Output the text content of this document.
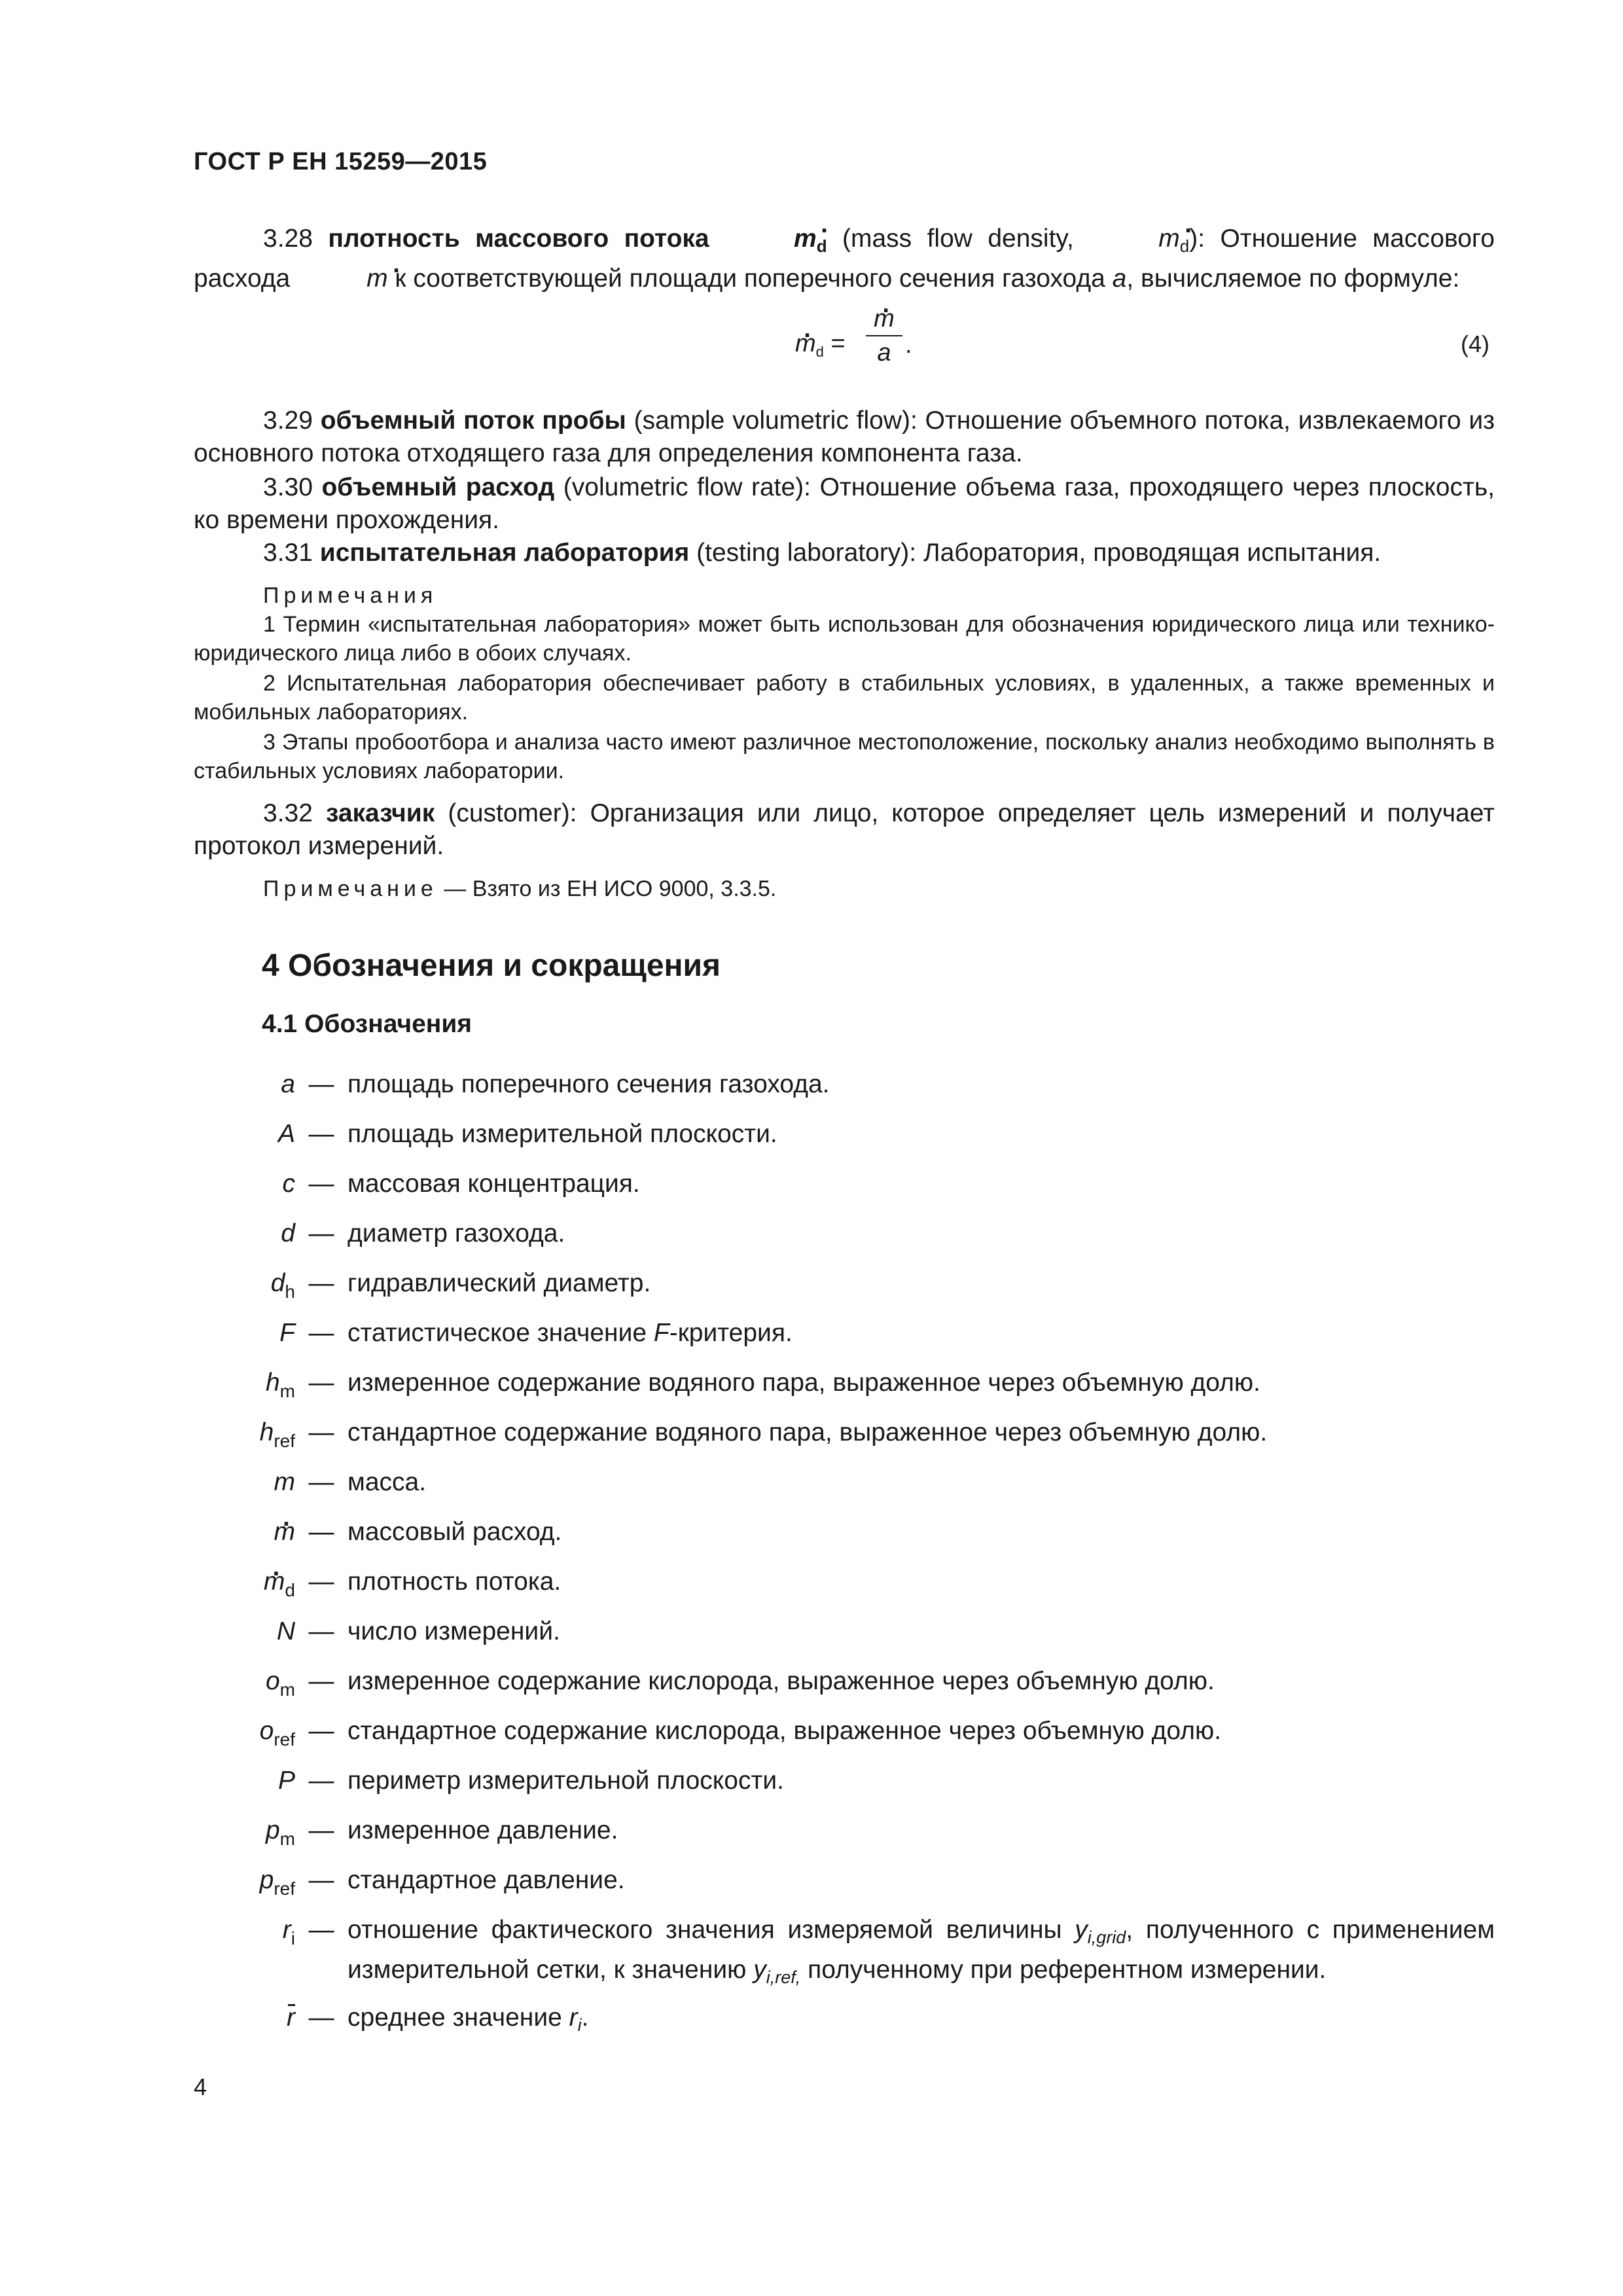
ГОСТ Р ЕН 15259—2015
3.28 плотность массового потока	. $m_d$ (mass flow density,	. $m_d$): Отношение массового расхода	. m к соответствующей площади поперечного сечения газохода a, вычисляемое по формуле:
. $m_d$ =
. m
a .	(4)
3.29 объемный поток пробы (sample volumetric flow): Отношение объемного потока, извлекаемого из основного потока отходящего газа для определения компонента газа.
3.30 объемный расход (volumetric flow rate): Отношение объема газа, проходящего через плоскость, ко времени прохождения.
3.31 испытательная лаборатория (testing laboratory): Лаборатория, проводящая испытания.
Примечания
1 Термин «испытательная лаборатория» может быть использован для обозначения юридического лица или технико-юридического лица либо в обоих случаях.
2 Испытательная лаборатория обеспечивает работу в стабильных условиях, в удаленных, а также временных и мобильных лабораториях.
3 Этапы пробоотбора и анализа часто имеют различное местоположение, поскольку анализ необходимо выполнять в стабильных условиях лаборатории.
3.32 заказчик (customer): Организация или лицо, которое определяет цель измерений и получает протокол измерений.
Примечание — Взято из ЕН ИСО 9000, 3.3.5.
4 Обозначения и сокращения
4.1 Обозначения
a — площадь поперечного сечения газохода.
A — площадь измерительной плоскости.
c — массовая концентрация.
d — диаметр газохода.
$d_h$ — гидравлический диаметр.
F — статистическое значение F-критерия.
$h_m$ — измеренное содержание водяного пара, выраженное через объемную долю.
$h_{ref}$ — стандартное содержание водяного пара, выраженное через объемную долю.
m — масса.
. m — массовый расход.
. $m_d$ — плотность потока.
N — число измерений.
$o_m$ — измеренное содержание кислорода, выраженное через объемную долю.
$o_{ref}$ — стандартное содержание кислорода, выраженное через объемную долю.
P — периметр измерительной плоскости.
$p_m$ — измеренное давление.
$p_{ref}$ — стандартное давление.
$r_i$ — отношение фактического значения измеряемой величины $y_{i,grid}$, полученного с применением измерительной сетки, к значению $y_{i,ref,}$ полученному при референтном измерении.
r — среднее значение $r_i$.
4
